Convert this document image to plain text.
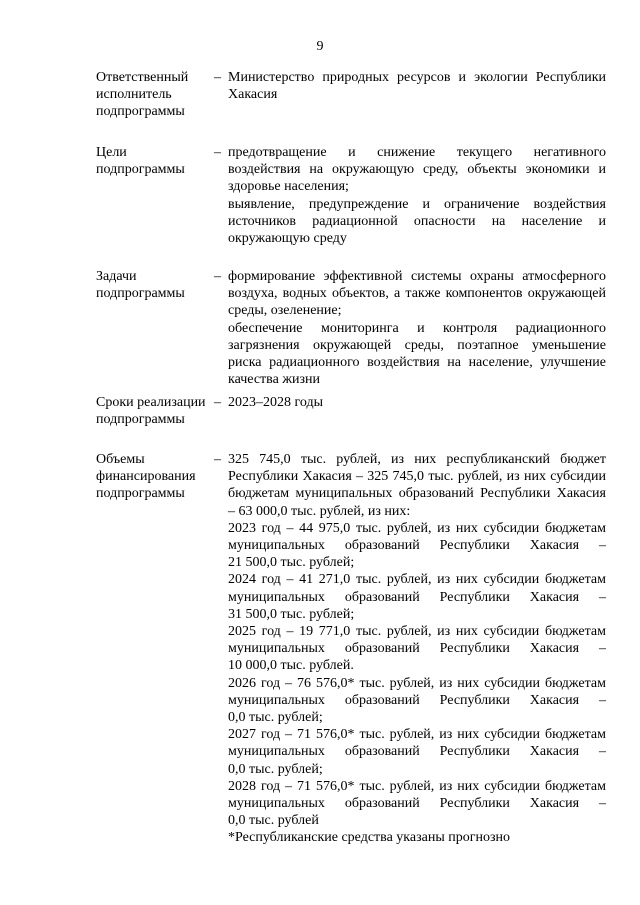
9
Ответственный
исполнитель
подпрограммы
– Министерство природных ресурсов и экологии Республики
Хакасия
Цели
подпрограммы
– предотвращение и снижение текущего негативного
воздействия на окружающую среду, объекты экономики и
здоровье населения;
выявление, предупреждение и ограничение воздействия
источников радиационной опасности на население и
окружающую среду
Задачи
подпрограммы
– формирование эффективной системы охраны атмосферного
воздуха, водных объектов, а также компонентов окружающей
среды, озеленение;
обеспечение мониторинга и контроля радиационного
загрязнения окружающей среды, поэтапное уменьшение
риска радиационного воздействия на население, улучшение
качества жизни
Сроки реализации
подпрограммы
– 2023–2028 годы
Объемы
финансирования
подпрограммы
– 325 745,0 тыс. рублей, из них республиканский бюджет
Республики Хакасия – 325 745,0 тыс. рублей, из них субсидии
бюджетам муниципальных образований Республики Хакасия
– 63 000,0 тыс. рублей, из них:
2023 год – 44 975,0 тыс. рублей, из них субсидии бюджетам
муниципальных образований Республики Хакасия –
21 500,0 тыс. рублей;
2024 год – 41 271,0 тыс. рублей, из них субсидии бюджетам
муниципальных образований Республики Хакасия –
31 500,0 тыс. рублей;
2025 год – 19 771,0 тыс. рублей, из них субсидии бюджетам
муниципальных образований Республики Хакасия –
10 000,0 тыс. рублей.
2026 год – 76 576,0* тыс. рублей, из них субсидии бюджетам
муниципальных образований Республики Хакасия –
0,0 тыс. рублей;
2027 год – 71 576,0* тыс. рублей, из них субсидии бюджетам
муниципальных образований Республики Хакасия –
0,0 тыс. рублей;
2028 год – 71 576,0* тыс. рублей, из них субсидии бюджетам
муниципальных образований Республики Хакасия –
0,0 тыс. рублей
*Республиканские средства указаны прогнозно
